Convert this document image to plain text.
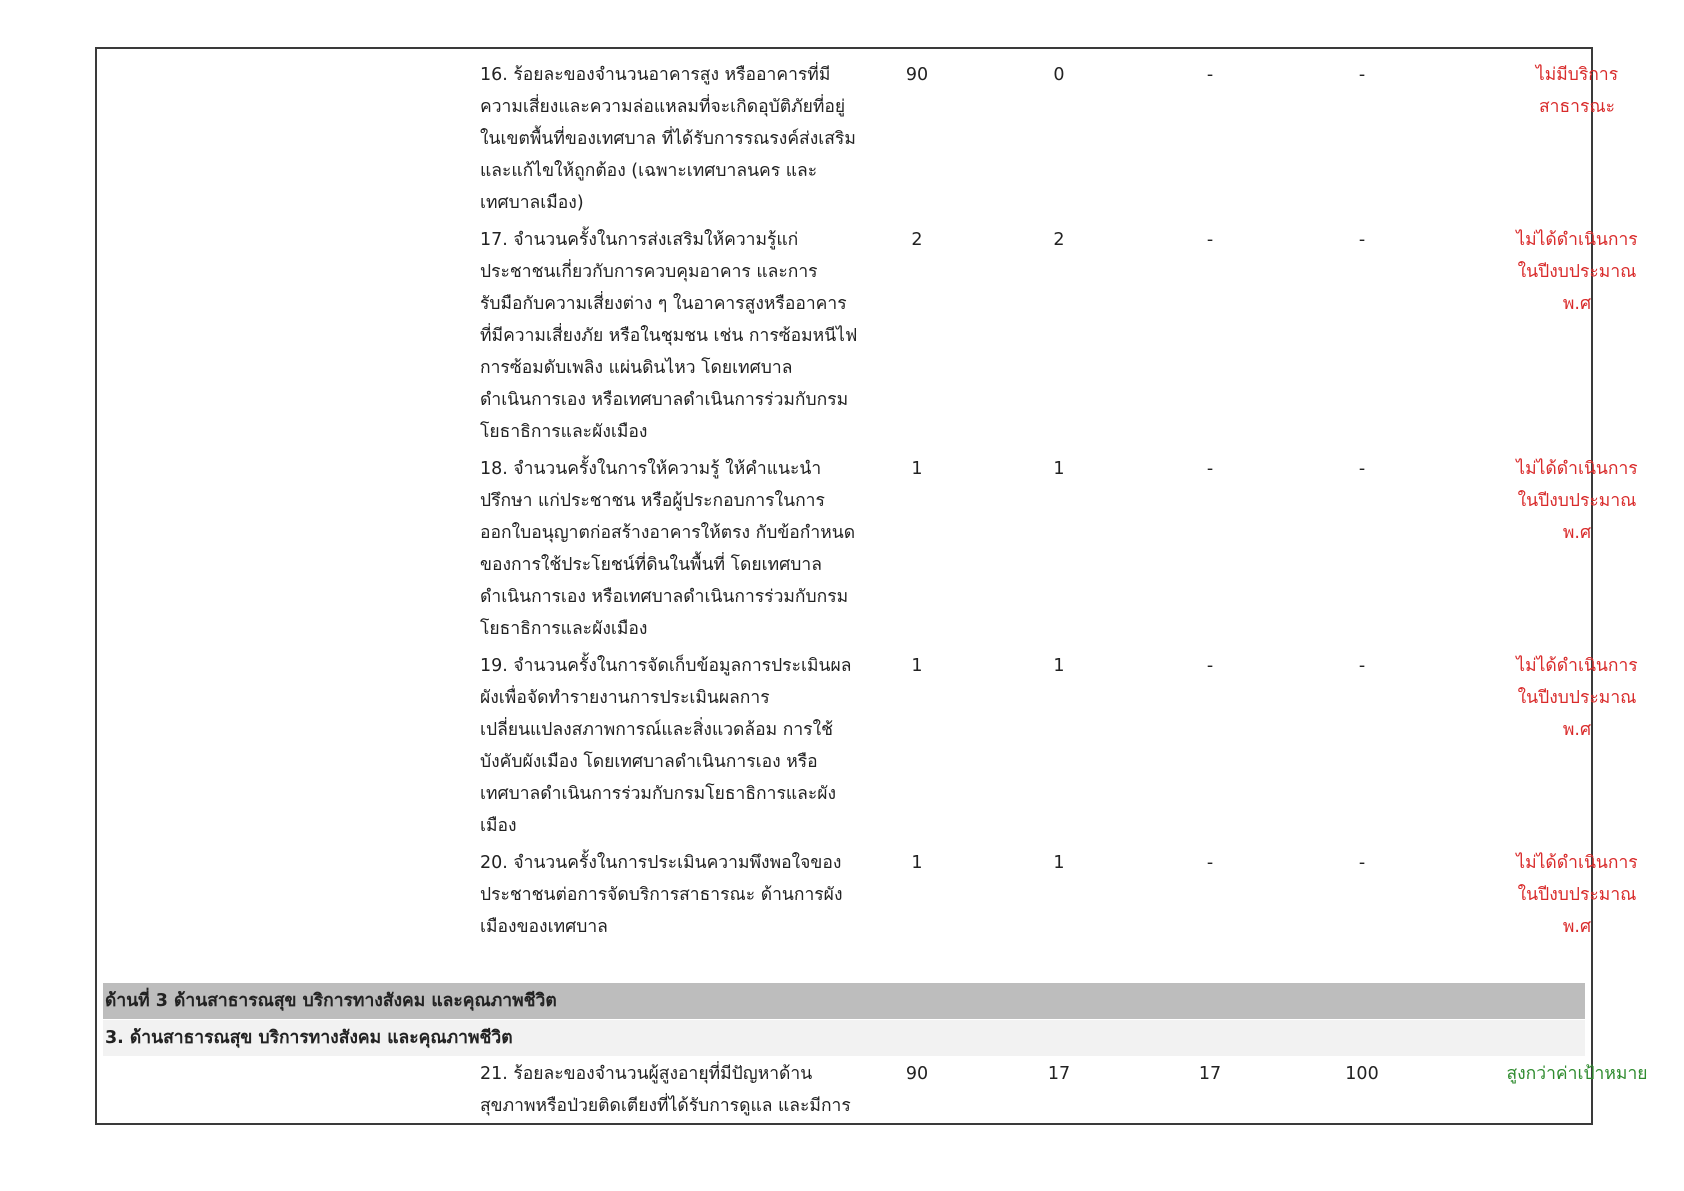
16. ร้อยละของจำนวนอาคารสูง หรืออาคารที่มี
ความเสี่ยงและความล่อแหลมที่จะเกิดอุบัติภัยที่อยู่
ในเขตพื้นที่ของเทศบาล ที่ได้รับการรณรงค์ส่งเสริม
และแก้ไขให้ถูกต้อง (เฉพาะเทศบาลนคร และ
เทศบาลเมือง)
90	0	-	-	ไม่มีบริการ
สาธารณะ
17. จำนวนครั้งในการส่งเสริมให้ความรู้แก่
ประชาชนเกี่ยวกับการควบคุมอาคาร และการ
รับมือกับความเสี่ยงต่าง ๆ ในอาคารสูงหรืออาคาร
ที่มีความเสี่ยงภัย หรือในชุมชน เช่น การซ้อมหนีไฟ
การซ้อมดับเพลิง แผ่นดินไหว โดยเทศบาล
ดำเนินการเอง หรือเทศบาลดำเนินการร่วมกับกรม
โยธาธิการและผังเมือง
2	2	-	-	ไม่ได้ดำเนินการ
ในปีงบประมาณ
พ.ศ
18. จำนวนครั้งในการให้ความรู้ ให้คำแนะนำ
ปรึกษา แก่ประชาชน หรือผู้ประกอบการในการ
ออกใบอนุญาตก่อสร้างอาคารให้ตรง กับข้อกำหนด
ของการใช้ประโยชน์ที่ดินในพื้นที่ โดยเทศบาล
ดำเนินการเอง หรือเทศบาลดำเนินการร่วมกับกรม
โยธาธิการและผังเมือง
1	1	-	-	ไม่ได้ดำเนินการ
ในปีงบประมาณ
พ.ศ
19. จำนวนครั้งในการจัดเก็บข้อมูลการประเมินผล
ผังเพื่อจัดทำรายงานการประเมินผลการ
เปลี่ยนแปลงสภาพการณ์และสิ่งแวดล้อม การใช้
บังคับผังเมือง โดยเทศบาลดำเนินการเอง หรือ
เทศบาลดำเนินการร่วมกับกรมโยธาธิการและผัง
เมือง
1	1	-	-	ไม่ได้ดำเนินการ
ในปีงบประมาณ
พ.ศ
20. จำนวนครั้งในการประเมินความพึงพอใจของ
ประชาชนต่อการจัดบริการสาธารณะ ด้านการผัง
เมืองของเทศบาล
1	1	-	-	ไม่ได้ดำเนินการ
ในปีงบประมาณ
พ.ศ
ด้านที่ 3 ด้านสาธารณสุข บริการทางสังคม และคุณภาพชีวิต
3. ด้านสาธารณสุข บริการทางสังคม และคุณภาพชีวิต
21. ร้อยละของจำนวนผู้สูงอายุที่มีปัญหาด้าน
สุขภาพหรือป่วยติดเตียงที่ได้รับการดูแล และมีการ
90	17	17	100	สูงกว่าค่าเป้าหมาย
